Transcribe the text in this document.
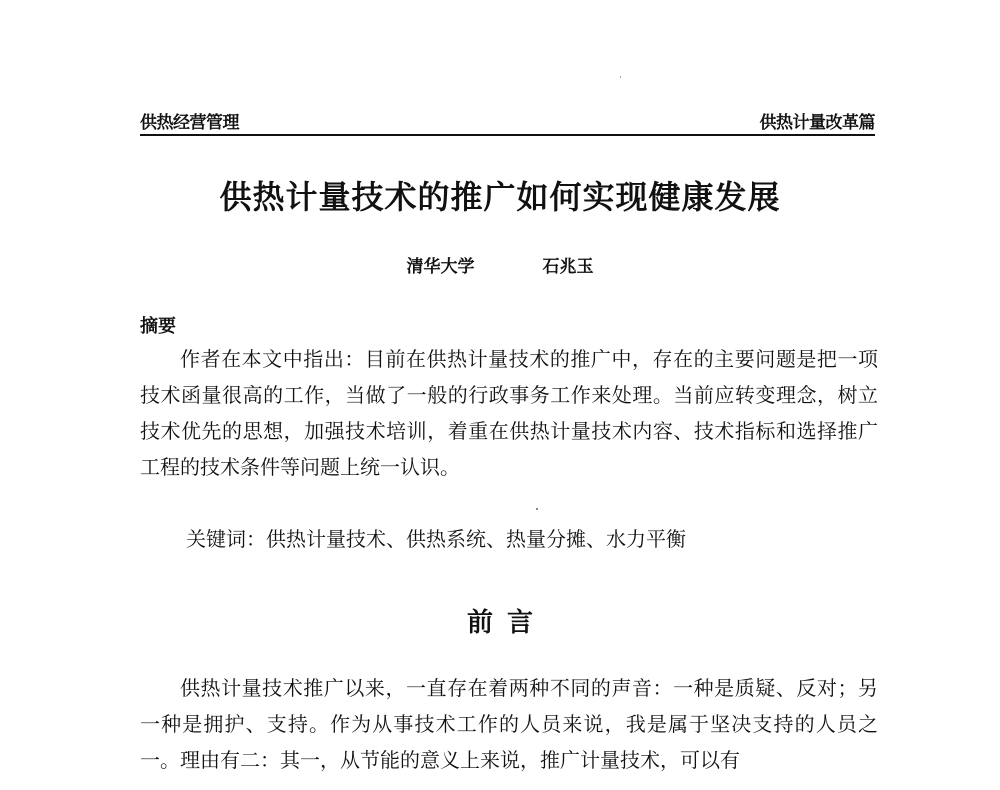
供热经营管理	供热计量改革篇
供热计量技术的推广如何实现健康发展
清华大学	石兆玉
摘要

作者在本文中指出：目前在供热计量技术的推广中，存在的主要问题是把一项技术函量很高的工作，当做了一般的行政事务工作来处理。当前应转变理念，树立技术优先的思想，加强技术培训，着重在供热计量技术内容、技术指标和选择推广工程的技术条件等问题上统一认识。

关键词：供热计量技术、供热系统、热量分摊、水力平衡
前言

供热计量技术推广以来，一直存在着两种不同的声音：一种是质疑、反对；另一种是拥护、支持。作为从事技术工作的人员来说，我是属于坚决支持的人员之一。理由有二：其一，从节能的意义上来说，推广计量技术，可以有
